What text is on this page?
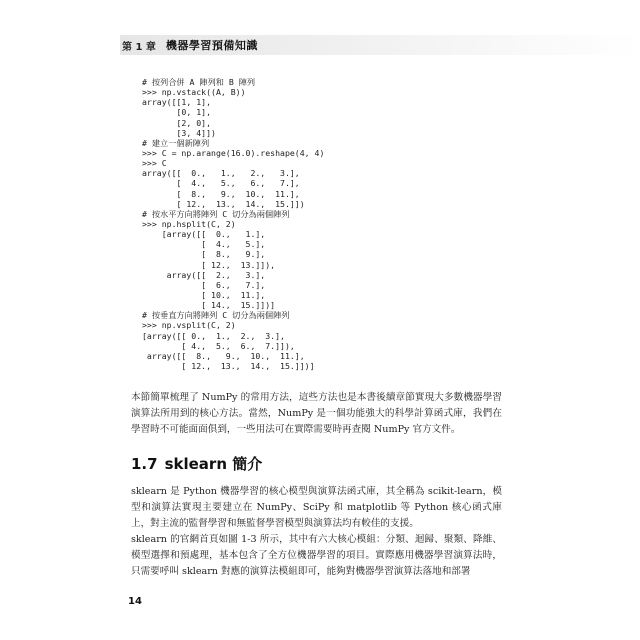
第 1 章 機器學習預備知識
# 按列合併 A 陣列和 B 陣列
>>> np.vstack((A, B))
array([[1, 1],
[0, 1],
[2, 0],
[3, 4]])
# 建立一個新陣列
>>> C = np.arange(16.0).reshape(4, 4)
>>> C
array([[  0.,   1.,   2.,   3.],
[  4.,   5.,   6.,   7.],
[  8.,   9.,  10.,  11.],
[ 12.,  13.,  14.,  15.]])
# 按水平方向將陣列 C 切分為兩個陣列
>>> np.hsplit(C, 2)
[array([[  0.,   1.],
[  4.,   5.],
[  8.,   9.],
[ 12.,  13.]]),
array([[  2.,   3.],
[  6.,   7.],
[ 10.,  11.],
[ 14.,  15.]])]
# 按垂直方向將陣列 C 切分為兩個陣列
>>> np.vsplit(C, 2)
[array([[ 0.,  1.,  2.,  3.],
[ 4.,  5.,  6.,  7.]]),
array([[  8.,   9.,  10.,  11.],
[ 12.,  13.,  14.,  15.]])]
本節簡單梳理了 NumPy 的常用方法，這些方法也是本書後續章節實現大多數機器學習演算法所用到的核心方法。當然，NumPy 是一個功能強大的科學計算函式庫，我們在學習時不可能面面俱到，一些用法可在實際需要時再查閱 NumPy 官方文件。
1.7 sklearn 簡介
sklearn 是 Python 機器學習的核心模型與演算法函式庫，其全稱為 scikit-learn，模型和演算法實現主要建立在 NumPy、SciPy 和 matplotlib 等 Python 核心函式庫上，對主流的監督學習和無監督學習模型與演算法均有較佳的支援。
sklearn 的官網首頁如圖 1-3 所示，其中有六大核心模組：分類、迴歸、聚類、降維、模型選擇和預處理，基本包含了全方位機器學習的項目。實際應用機器學習演算法時，只需要呼叫 sklearn 對應的演算法模組即可，能夠對機器學習演算法落地和部署
14
